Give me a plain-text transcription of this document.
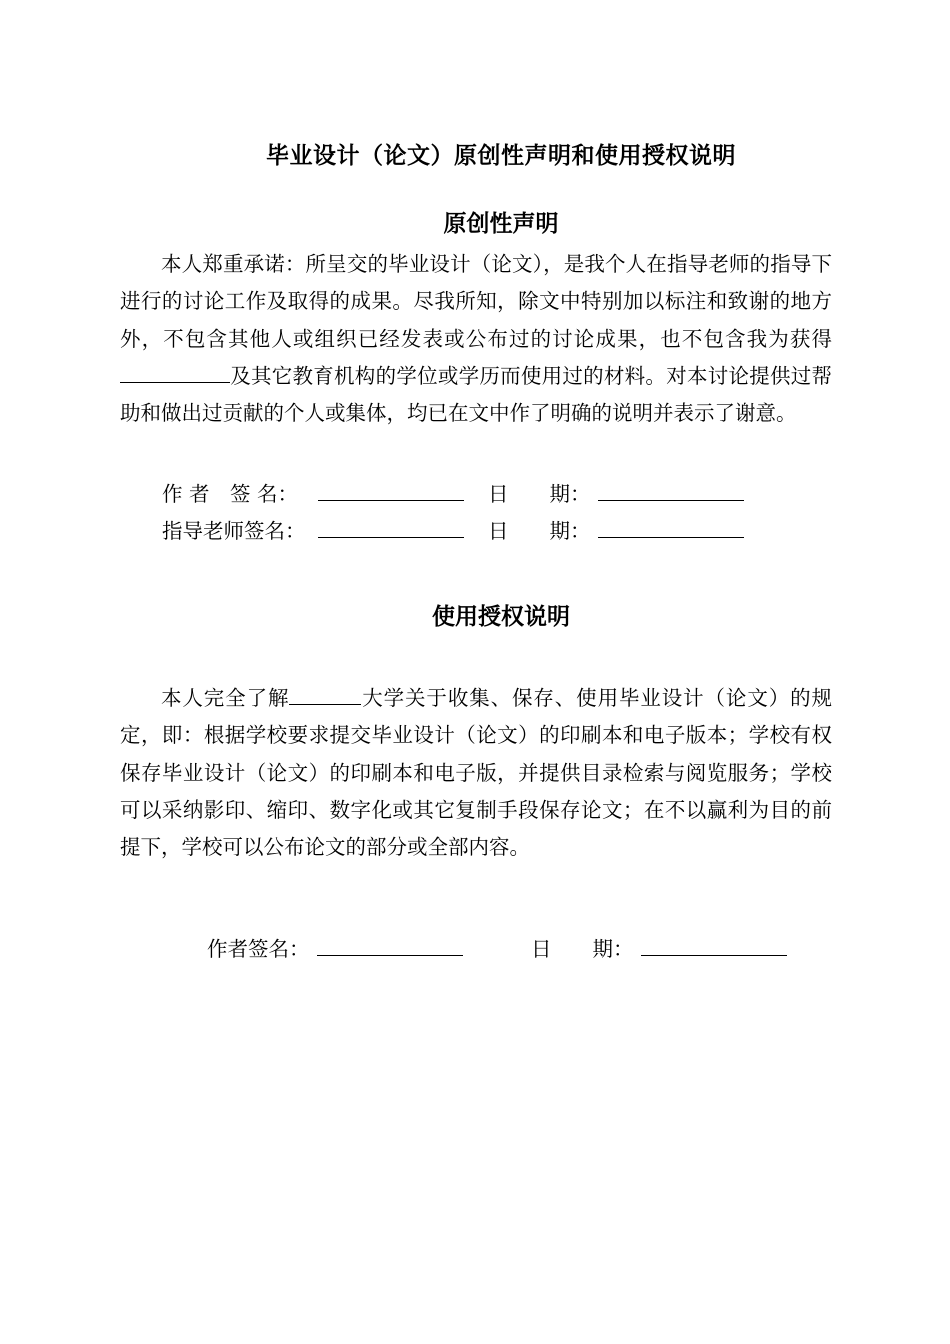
毕业设计（论文）原创性声明和使用授权说明
原创性声明

本人郑重承诺：所呈交的毕业设计（论文），是我个人在指导老师的指导下进行的讨论工作及取得的成果。尽我所知，除文中特别加以标注和致谢的地方外，不包含其他人或组织已经发表或公布过的讨论成果，也不包含我为获得及其它教育机构的学位或学历而使用过的材料。对本讨论提供过帮助和做出过贡献的个人或集体，均已在文中作了明确的说明并表示了谢意。

作 者　签 名：	日　　期：
指导老师签名：	日　　期：
使用授权说明

本人完全了解	大学关于收集、保存、使用毕业设计（论文）的规定，即：根据学校要求提交毕业设计（论文）的印刷本和电子版本；学校有权保存毕业设计（论文）的印刷本和电子版，并提供目录检索与阅览服务；学校可以采纳影印、缩印、数字化或其它复制手段保存论文；在不以赢利为目的前提下，学校可以公布论文的部分或全部内容。

作者签名：	日　　期：
